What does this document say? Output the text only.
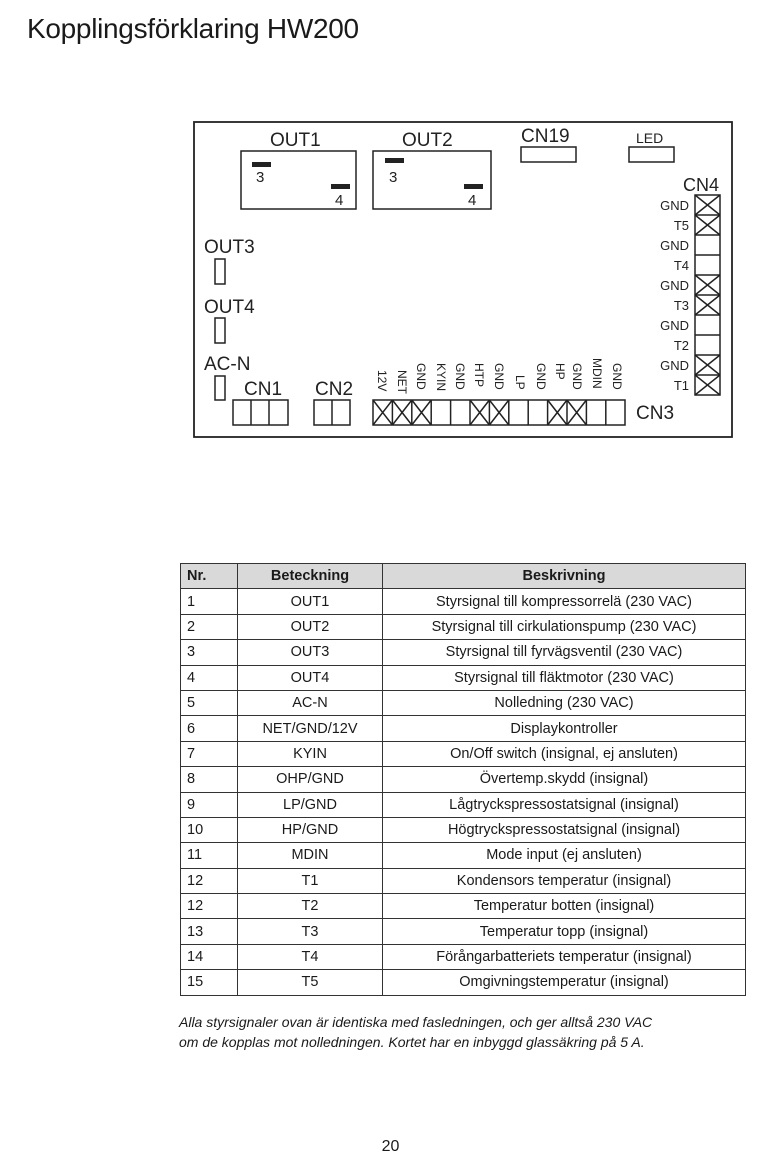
Kopplingsförklaring HW200
OUT1	OUT2	CN19	LED
CN4
3
4
3
4
OUT3
OUT4
AC-N
CN1 CN2
CN3
GND
T5
GND
T4
GND
T3
GND
T2
GND
T1
12V NET GND KYIN GND HTP GND LP GND HP GND MDIN GND
Nr.	Beteckning	Beskrivning
1	OUT1	Styrsignal till kompressorrelä (230 VAC)
2	OUT2	Styrsignal till cirkulationspump (230 VAC)
3	OUT3	Styrsignal till fyrvägsventil (230 VAC)
4	OUT4	Styrsignal till fläktmotor (230 VAC)
5	AC-N	Nolledning (230 VAC)
6	NET/GND/12V	Displaykontroller
7	KYIN	On/Off switch (insignal, ej ansluten)
8	OHP/GND	Övertemp.skydd (insignal)
9	LP/GND	Lågtryckspressostatsignal (insignal)
10	HP/GND	Högtryckspressostatsignal (insignal)
11	MDIN	Mode input (ej ansluten)
12	T1	Kondensors temperatur (insignal)
12	T2	Temperatur botten (insignal)
13	T3	Temperatur topp (insignal)
14	T4	Förångarbatteriets temperatur (insignal)
15	T5	Omgivningstemperatur (insignal)
Alla styrsignaler ovan är identiska med fasledningen, och ger alltså 230 VAC
om de kopplas mot nolledningen. Kortet har en inbyggd glassäkring på 5 A.
20
